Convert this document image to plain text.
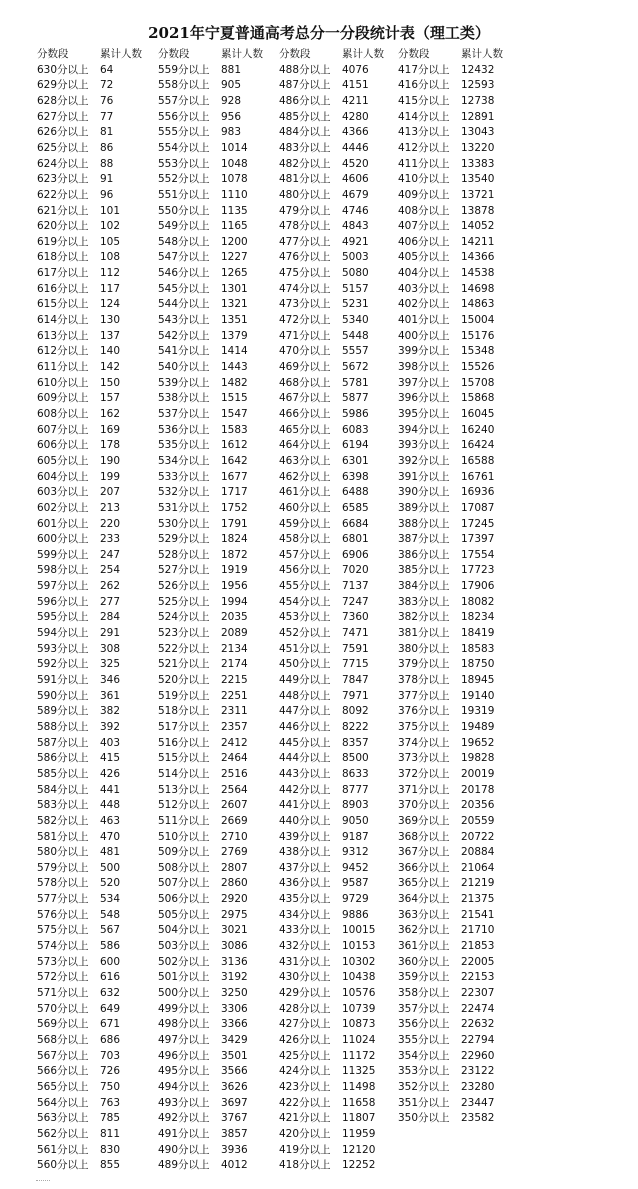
2021年宁夏普通高考总分一分段统计表（理工类）
分数段	累计人数
630分以上 64
629分以上 72
628分以上 76
627分以上 77
626分以上 81
625分以上 86
624分以上 88
623分以上 91
622分以上 96
621分以上 101
620分以上 102
619分以上 105
618分以上 108
617分以上 112
616分以上 117
615分以上 124
614分以上 130
613分以上 137
612分以上 140
611分以上 142
610分以上 150
609分以上 157
608分以上 162
607分以上 169
606分以上 178
605分以上 190
604分以上 199
603分以上 207
602分以上 213
601分以上 220
600分以上 233
599分以上 247
598分以上 254
597分以上 262
596分以上 277
595分以上 284
594分以上 291
593分以上 308
592分以上 325
591分以上 346
590分以上 361
589分以上 382
588分以上 392
587分以上 403
586分以上 415
585分以上 426
584分以上 441
583分以上 448
582分以上 463
581分以上 470
580分以上 481
579分以上 500
578分以上 520
577分以上 534
576分以上 548
575分以上 567
574分以上 586
573分以上 600
572分以上 616
571分以上 632
570分以上 649
569分以上 671
568分以上 686
567分以上 703
566分以上 726
565分以上 750
564分以上 763
563分以上 785
562分以上 811
561分以上 830
560分以上 855
分数段	累计人数
559分以上 881
558分以上 905
557分以上 928
556分以上 956
555分以上 983
554分以上 1014
553分以上 1048
552分以上 1078
551分以上 1110
550分以上 1135
549分以上 1165
548分以上 1200
547分以上 1227
546分以上 1265
545分以上 1301
544分以上 1321
543分以上 1351
542分以上 1379
541分以上 1414
540分以上 1443
539分以上 1482
538分以上 1515
537分以上 1547
536分以上 1583
535分以上 1612
534分以上 1642
533分以上 1677
532分以上 1717
531分以上 1752
530分以上 1791
529分以上 1824
528分以上 1872
527分以上 1919
526分以上 1956
525分以上 1994
524分以上 2035
523分以上 2089
522分以上 2134
521分以上 2174
520分以上 2215
519分以上 2251
518分以上 2311
517分以上 2357
516分以上 2412
515分以上 2464
514分以上 2516
513分以上 2564
512分以上 2607
511分以上 2669
510分以上 2710
509分以上 2769
508分以上 2807
507分以上 2860
506分以上 2920
505分以上 2975
504分以上 3021
503分以上 3086
502分以上 3136
501分以上 3192
500分以上 3250
499分以上 3306
498分以上 3366
497分以上 3429
496分以上 3501
495分以上 3566
494分以上 3626
493分以上 3697
492分以上 3767
491分以上 3857
490分以上 3936
489分以上 4012
分数段	累计人数
488分以上 4076
487分以上 4151
486分以上 4211
485分以上 4280
484分以上 4366
483分以上 4446
482分以上 4520
481分以上 4606
480分以上 4679
479分以上 4746
478分以上 4843
477分以上 4921
476分以上 5003
475分以上 5080
474分以上 5157
473分以上 5231
472分以上 5340
471分以上 5448
470分以上 5557
469分以上 5672
468分以上 5781
467分以上 5877
466分以上 5986
465分以上 6083
464分以上 6194
463分以上 6301
462分以上 6398
461分以上 6488
460分以上 6585
459分以上 6684
458分以上 6801
457分以上 6906
456分以上 7020
455分以上 7137
454分以上 7247
453分以上 7360
452分以上 7471
451分以上 7591
450分以上 7715
449分以上 7847
448分以上 7971
447分以上 8092
446分以上 8222
445分以上 8357
444分以上 8500
443分以上 8633
442分以上 8777
441分以上 8903
440分以上 9050
439分以上 9187
438分以上 9312
437分以上 9452
436分以上 9587
435分以上 9729
434分以上 9886
433分以上 10015
432分以上 10153
431分以上 10302
430分以上 10438
429分以上 10576
428分以上 10739
427分以上 10873
426分以上 11024
425分以上 11172
424分以上 11325
423分以上 11498
422分以上 11658
421分以上 11807
420分以上 11959
419分以上 12120
418分以上 12252
分数段	累计人数
417分以上 12432
416分以上 12593
415分以上 12738
414分以上 12891
413分以上 13043
412分以上 13220
411分以上 13383
410分以上 13540
409分以上 13721
408分以上 13878
407分以上 14052
406分以上 14211
405分以上 14366
404分以上 14538
403分以上 14698
402分以上 14863
401分以上 15004
400分以上 15176
399分以上 15348
398分以上 15526
397分以上 15708
396分以上 15868
395分以上 16045
394分以上 16240
393分以上 16424
392分以上 16588
391分以上 16761
390分以上 16936
389分以上 17087
388分以上 17245
387分以上 17397
386分以上 17554
385分以上 17723
384分以上 17906
383分以上 18082
382分以上 18234
381分以上 18419
380分以上 18583
379分以上 18750
378分以上 18945
377分以上 19140
376分以上 19319
375分以上 19489
374分以上 19652
373分以上 19828
372分以上 20019
371分以上 20178
370分以上 20356
369分以上 20559
368分以上 20722
367分以上 20884
366分以上 21064
365分以上 21219
364分以上 21375
363分以上 21541
362分以上 21710
361分以上 21853
360分以上 22005
359分以上 22153
358分以上 22307
357分以上 22474
356分以上 22632
355分以上 22794
354分以上 22960
353分以上 23122
352分以上 23280
351分以上 23447
350分以上 23582
